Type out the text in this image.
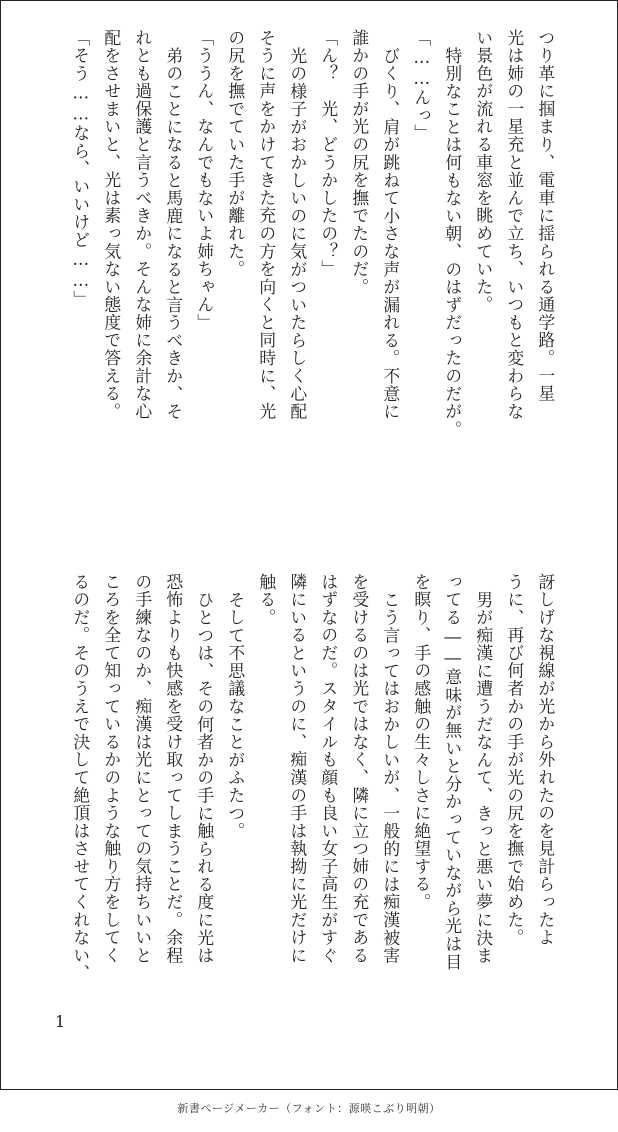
つり革に掴まり、電車に揺られる通学路。一星
光は姉の一星充と並んで立ち、いつもと変わらな
い景色が流れる車窓を眺めていた。
特別なことは何もない朝、のはずだったのだが。
「……んっ」
びくり、肩が跳ねて小さな声が漏れる。不意に
誰かの手が光の尻を撫でたのだ。
「ん？　光、どうかしたの？」
光の様子がおかしいのに気がついたらしく心配
そうに声をかけてきた充の方を向くと同時に、光
の尻を撫でていた手が離れた。
「ううん、なんでもないよ姉ちゃん」
弟のことになると馬鹿になると言うべきか、そ
れとも過保護と言うべきか。そんな姉に余計な心
配をさせまいと、光は素っ気ない態度で答える。
「そう……なら、いいけど……」
訝しげな視線が光から外れたのを見計らったよ
うに、再び何者かの手が光の尻を撫で始めた。
男が痴漢に遭うだなんて、きっと悪い夢に決ま
ってる――意味が無いと分かっていながら光は目
を瞑り、手の感触の生々しさに絶望する。
こう言ってはおかしいが、一般的には痴漢被害
を受けるのは光ではなく、隣に立つ姉の充である
はずなのだ。スタイルも顔も良い女子高生がすぐ
隣にいるというのに、痴漢の手は執拗に光だけに
触る。
そして不思議なことがふたつ。
ひとつは、その何者かの手に触られる度に光は
恐怖よりも快感を受け取ってしまうことだ。余程
の手練なのか、痴漢は光にとっての気持ちいいと
ころを全て知っているかのような触り方をしてく
るのだ。そのうえで決して絶頂はさせてくれない、
1
新書ページメーカー（フォント：源暎こぶり明朝）
